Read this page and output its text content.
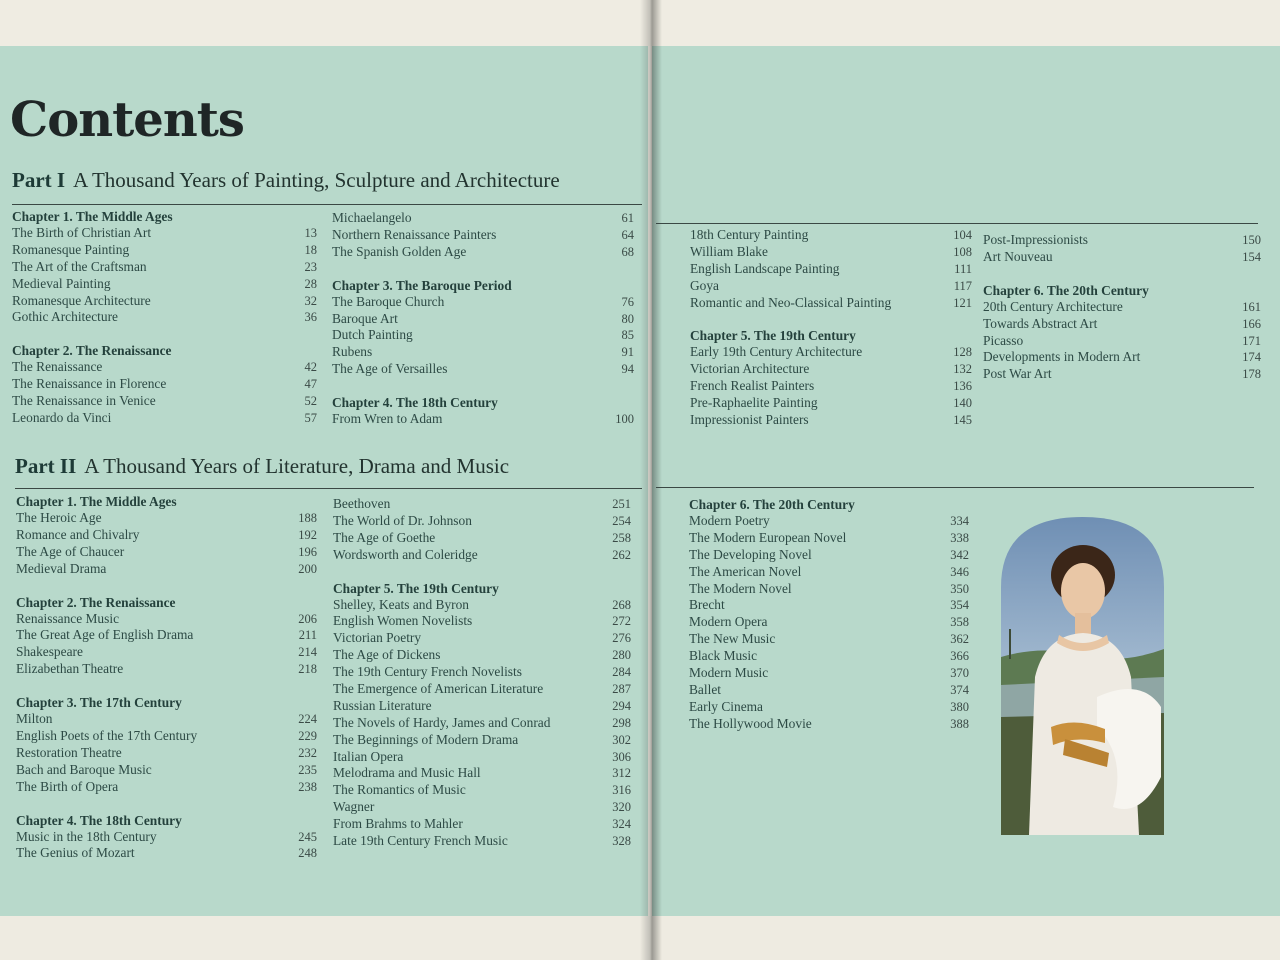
Contents
Part I A Thousand Years of Painting, Sculpture and Architecture
Chapter 1. The Middle Ages
The Birth of Christian Art	13
Romanesque Painting	18
The Art of the Craftsman	23
Medieval Painting	28
Romanesque Architecture	32
Gothic Architecture	36
Chapter 2. The Renaissance
The Renaissance	42
The Renaissance in Florence	47
The Renaissance in Venice	52
Leonardo da Vinci	57
Michaelangelo	61
Northern Renaissance Painters	64
The Spanish Golden Age	68
Chapter 3. The Baroque Period
The Baroque Church	76
Baroque Art	80
Dutch Painting	85
Rubens	91
The Age of Versailles	94
Chapter 4. The 18th Century
From Wren to Adam	100
18th Century Painting	104
William Blake	108
English Landscape Painting	111
Goya	117
Romantic and Neo-Classical Painting	121
Chapter 5. The 19th Century
Early 19th Century Architecture	128
Victorian Architecture	132
French Realist Painters	136
Pre-Raphaelite Painting	140
Impressionist Painters	145
Post-Impressionists	150
Art Nouveau	154
Chapter 6. The 20th Century
20th Century Architecture	161
Towards Abstract Art	166
Picasso	171
Developments in Modern Art	174
Post War Art	178
Part II A Thousand Years of Literature, Drama and Music
Chapter 1. The Middle Ages
The Heroic Age	188
Romance and Chivalry	192
The Age of Chaucer	196
Medieval Drama	200
Chapter 2. The Renaissance
Renaissance Music	206
The Great Age of English Drama	211
Shakespeare	214
Elizabethan Theatre	218
Chapter 3. The 17th Century
Milton	224
English Poets of the 17th Century	229
Restoration Theatre	232
Bach and Baroque Music	235
The Birth of Opera	238
Chapter 4. The 18th Century
Music in the 18th Century	245
The Genius of Mozart	248
Beethoven	251
The World of Dr. Johnson	254
The Age of Goethe	258
Wordsworth and Coleridge	262
Chapter 5. The 19th Century
Shelley, Keats and Byron	268
English Women Novelists	272
Victorian Poetry	276
The Age of Dickens	280
The 19th Century French Novelists	284
The Emergence of American Literature	287
Russian Literature	294
The Novels of Hardy, James and Conrad	298
The Beginnings of Modern Drama	302
Italian Opera	306
Melodrama and Music Hall	312
The Romantics of Music	316
Wagner	320
From Brahms to Mahler	324
Late 19th Century French Music	328
Chapter 6. The 20th Century
Modern Poetry	334
The Modern European Novel	338
The Developing Novel	342
The American Novel	346
The Modern Novel	350
Brecht	354
Modern Opera	358
The New Music	362
Black Music	366
Modern Music	370
Ballet	374
Early Cinema	380
The Hollywood Movie	388
